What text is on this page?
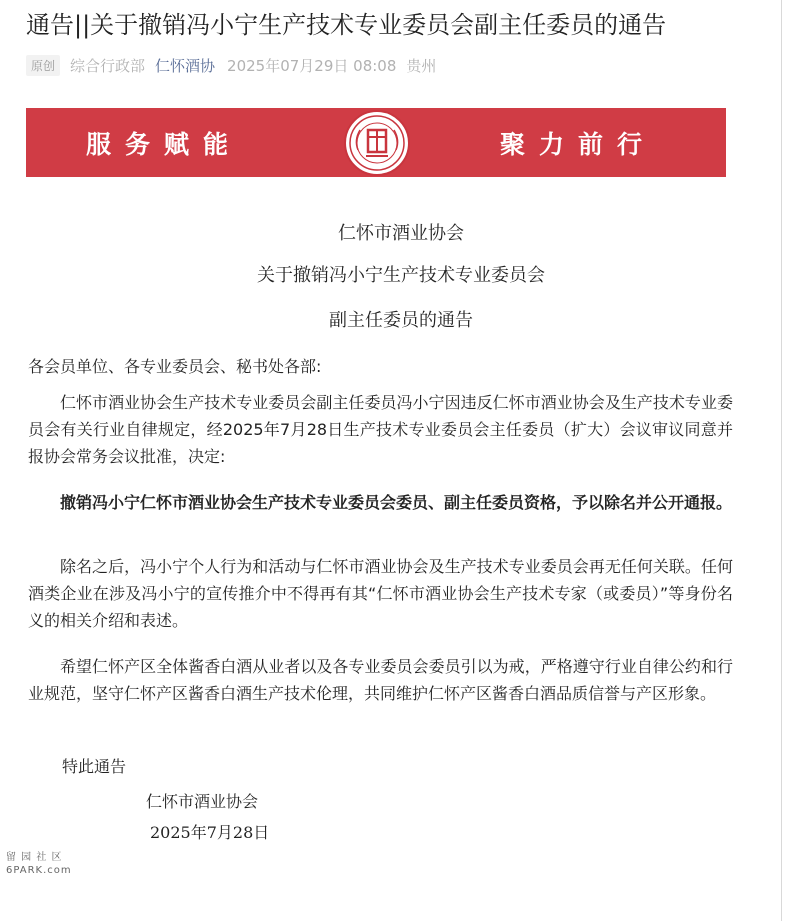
通告||关于撤销冯小宁生产技术专业委员会副主任委员的通告
原创	综合行政部 仁怀酒协 2025年07月29日 08:08 贵州
服务赋能	聚力前行
仁怀市酒业协会
关于撤销冯小宁生产技术专业委员会
副主任委员的通告
各会员单位、各专业委员会、秘书处各部:
仁怀市酒业协会生产技术专业委员会副主任委员冯小宁因违反仁怀市酒业协会及生产技术专业委员会有关行业自律规定，经2025年7月28日生产技术专业委员会主任委员（扩大）会议审议同意并报协会常务会议批准，决定:
撤销冯小宁仁怀市酒业协会生产技术专业委员会委员、副主任委员资格，予以除名并公开通报。
除名之后，冯小宁个人行为和活动与仁怀市酒业协会及生产技术专业委员会再无任何关联。任何酒类企业在涉及冯小宁的宣传推介中不得再有其“仁怀市酒业协会生产技术专家（或委员）”等身份名义的相关介绍和表述。
希望仁怀产区全体酱香白酒从业者以及各专业委员会委员引以为戒，严格遵守行业自律公约和行业规范，坚守仁怀产区酱香白酒生产技术伦理，共同维护仁怀产区酱香白酒品质信誉与产区形象。
特此通告
仁怀市酒业协会
2025年7月28日
留 园 社 区
6PARK.com
